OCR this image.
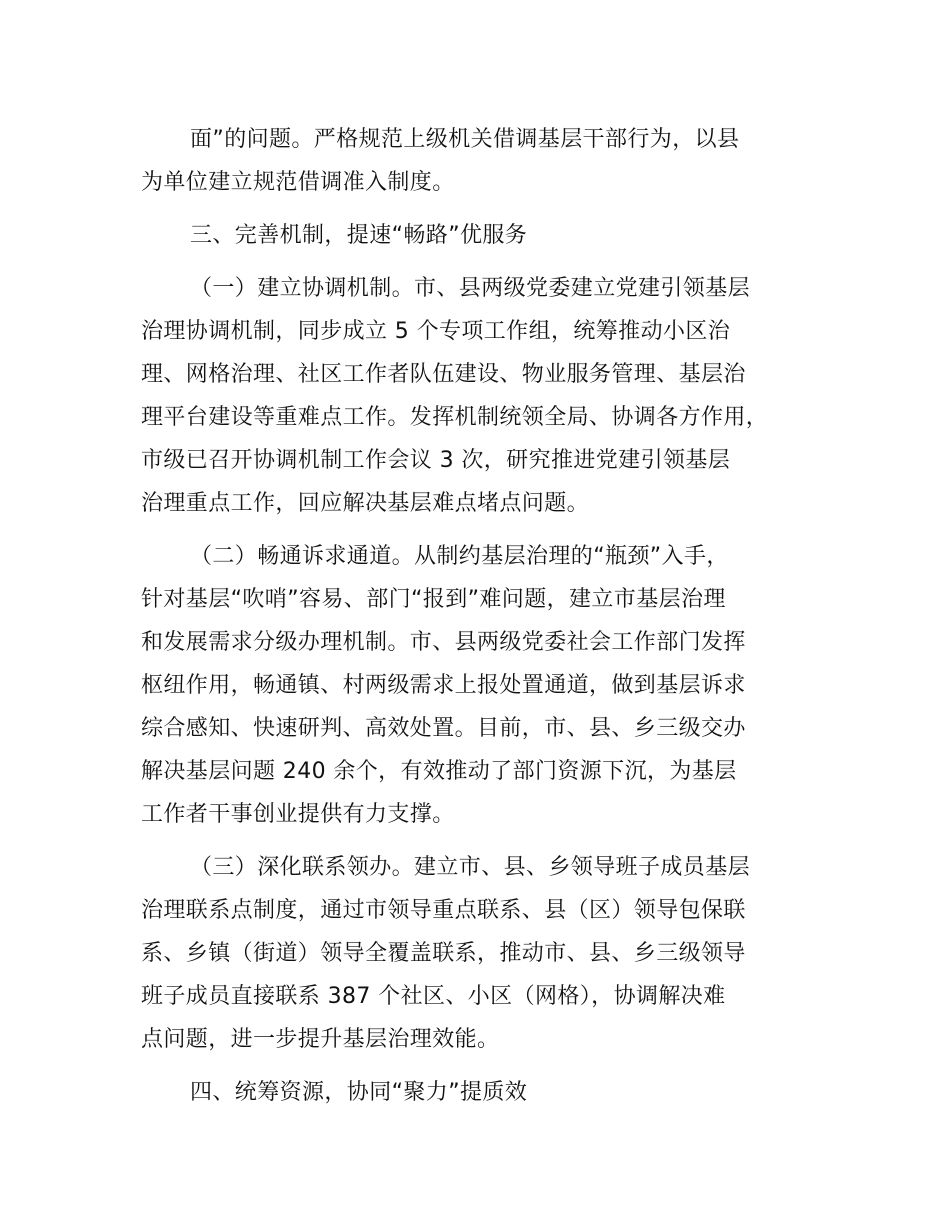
面”的问题。严格规范上级机关借调基层干部行为，以县
为单位建立规范借调准入制度。
三、完善机制，提速“畅路”优服务
（一）建立协调机制。市、县两级党委建立党建引领基层
治理协调机制，同步成立 5 个专项工作组，统筹推动小区治
理、网格治理、社区工作者队伍建设、物业服务管理、基层治
理平台建设等重难点工作。发挥机制统领全局、协调各方作用，
市级已召开协调机制工作会议 3 次，研究推进党建引领基层
治理重点工作，回应解决基层难点堵点问题。
（二）畅通诉求通道。从制约基层治理的“瓶颈”入手，
针对基层“吹哨”容易、部门“报到”难问题，建立市基层治理
和发展需求分级办理机制。市、县两级党委社会工作部门发挥
枢纽作用，畅通镇、村两级需求上报处置通道，做到基层诉求
综合感知、快速研判、高效处置。目前，市、县、乡三级交办
解决基层问题 240 余个，有效推动了部门资源下沉，为基层
工作者干事创业提供有力支撑。
（三）深化联系领办。建立市、县、乡领导班子成员基层
治理联系点制度，通过市领导重点联系、县（区）领导包保联
系、乡镇（街道）领导全覆盖联系，推动市、县、乡三级领导
班子成员直接联系 387 个社区、小区（网格），协调解决难
点问题，进一步提升基层治理效能。
四、统筹资源，协同“聚力”提质效
